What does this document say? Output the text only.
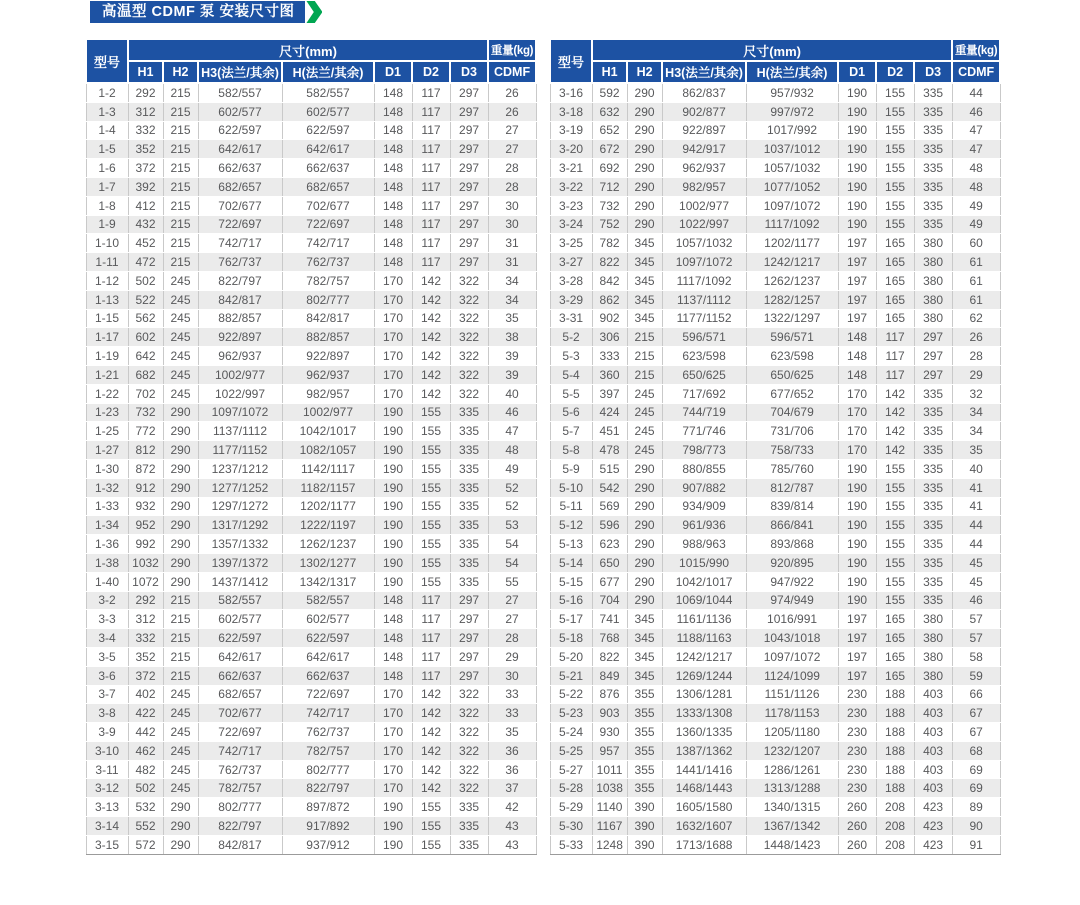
高温型 CDMF 泵 安装尺寸图
型号	尺寸(mm)							重量(kg)
	H1	H2	H3(法兰/其余)	H(法兰/其余)	D1	D2	D3	CDMF
1-2	292	215	582/557	582/557	148	117	297	26
1-3	312	215	602/577	602/577	148	117	297	26
1-4	332	215	622/597	622/597	148	117	297	27
1-5	352	215	642/617	642/617	148	117	297	27
1-6	372	215	662/637	662/637	148	117	297	28
1-7	392	215	682/657	682/657	148	117	297	28
1-8	412	215	702/677	702/677	148	117	297	30
1-9	432	215	722/697	722/697	148	117	297	30
1-10	452	215	742/717	742/717	148	117	297	31
1-11	472	215	762/737	762/737	148	117	297	31
1-12	502	245	822/797	782/757	170	142	322	34
1-13	522	245	842/817	802/777	170	142	322	34
1-15	562	245	882/857	842/817	170	142	322	35
1-17	602	245	922/897	882/857	170	142	322	38
1-19	642	245	962/937	922/897	170	142	322	39
1-21	682	245	1002/977	962/937	170	142	322	39
1-22	702	245	1022/997	982/957	170	142	322	40
1-23	732	290	1097/1072	1002/977	190	155	335	46
1-25	772	290	1137/1112	1042/1017	190	155	335	47
1-27	812	290	1177/1152	1082/1057	190	155	335	48
1-30	872	290	1237/1212	1142/1117	190	155	335	49
1-32	912	290	1277/1252	1182/1157	190	155	335	52
1-33	932	290	1297/1272	1202/1177	190	155	335	52
1-34	952	290	1317/1292	1222/1197	190	155	335	53
1-36	992	290	1357/1332	1262/1237	190	155	335	54
1-38	1032	290	1397/1372	1302/1277	190	155	335	54
1-40	1072	290	1437/1412	1342/1317	190	155	335	55
3-2	292	215	582/557	582/557	148	117	297	27
3-3	312	215	602/577	602/577	148	117	297	27
3-4	332	215	622/597	622/597	148	117	297	28
3-5	352	215	642/617	642/617	148	117	297	29
3-6	372	215	662/637	662/637	148	117	297	30
3-7	402	245	682/657	722/697	170	142	322	33
3-8	422	245	702/677	742/717	170	142	322	33
3-9	442	245	722/697	762/737	170	142	322	35
3-10	462	245	742/717	782/757	170	142	322	36
3-11	482	245	762/737	802/777	170	142	322	36
3-12	502	245	782/757	822/797	170	142	322	37
3-13	532	290	802/777	897/872	190	155	335	42
3-14	552	290	822/797	917/892	190	155	335	43
3-15	572	290	842/817	937/912	190	155	335	43
型号	尺寸(mm)							重量(kg)
	H1	H2	H3(法兰/其余)	H(法兰/其余)	D1	D2	D3	CDMF
3-16	592	290	862/837	957/932	190	155	335	44
3-18	632	290	902/877	997/972	190	155	335	46
3-19	652	290	922/897	1017/992	190	155	335	47
3-20	672	290	942/917	1037/1012	190	155	335	47
3-21	692	290	962/937	1057/1032	190	155	335	48
3-22	712	290	982/957	1077/1052	190	155	335	48
3-23	732	290	1002/977	1097/1072	190	155	335	49
3-24	752	290	1022/997	1117/1092	190	155	335	49
3-25	782	345	1057/1032	1202/1177	197	165	380	60
3-27	822	345	1097/1072	1242/1217	197	165	380	61
3-28	842	345	1117/1092	1262/1237	197	165	380	61
3-29	862	345	1137/1112	1282/1257	197	165	380	61
3-31	902	345	1177/1152	1322/1297	197	165	380	62
5-2	306	215	596/571	596/571	148	117	297	26
5-3	333	215	623/598	623/598	148	117	297	28
5-4	360	215	650/625	650/625	148	117	297	29
5-5	397	245	717/692	677/652	170	142	335	32
5-6	424	245	744/719	704/679	170	142	335	34
5-7	451	245	771/746	731/706	170	142	335	34
5-8	478	245	798/773	758/733	170	142	335	35
5-9	515	290	880/855	785/760	190	155	335	40
5-10	542	290	907/882	812/787	190	155	335	41
5-11	569	290	934/909	839/814	190	155	335	41
5-12	596	290	961/936	866/841	190	155	335	44
5-13	623	290	988/963	893/868	190	155	335	44
5-14	650	290	1015/990	920/895	190	155	335	45
5-15	677	290	1042/1017	947/922	190	155	335	45
5-16	704	290	1069/1044	974/949	190	155	335	46
5-17	741	345	1161/1136	1016/991	197	165	380	57
5-18	768	345	1188/1163	1043/1018	197	165	380	57
5-20	822	345	1242/1217	1097/1072	197	165	380	58
5-21	849	345	1269/1244	1124/1099	197	165	380	59
5-22	876	355	1306/1281	1151/1126	230	188	403	66
5-23	903	355	1333/1308	1178/1153	230	188	403	67
5-24	930	355	1360/1335	1205/1180	230	188	403	67
5-25	957	355	1387/1362	1232/1207	230	188	403	68
5-27	1011	355	1441/1416	1286/1261	230	188	403	69
5-28	1038	355	1468/1443	1313/1288	230	188	403	69
5-29	1140	390	1605/1580	1340/1315	260	208	423	89
5-30	1167	390	1632/1607	1367/1342	260	208	423	90
5-33	1248	390	1713/1688	1448/1423	260	208	423	91
